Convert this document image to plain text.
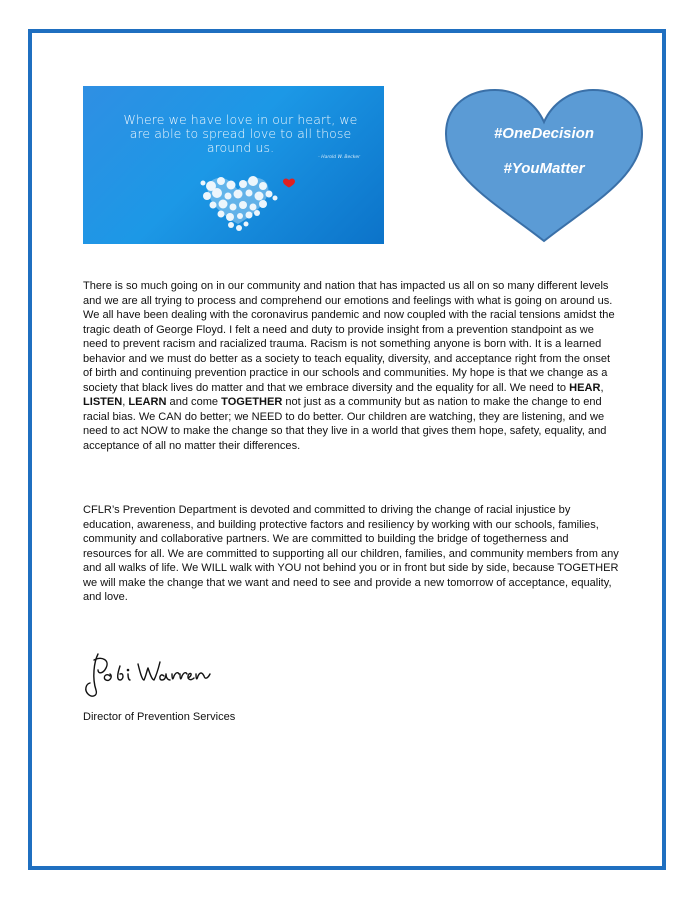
Where we have love in our heart, we are able to spread love to all those around us.
- Harold W. Becker
#OneDecision
#YouMatter
There is so much going on in our community and nation that has impacted us all on so many different levels and we are all trying to process and comprehend our emotions and feelings with what is going on around us. We all have been dealing with the coronavirus pandemic and now coupled with the racial tensions amidst the tragic death of George Floyd. I felt a need and duty to provide insight from a prevention standpoint as we need to prevent racism and racialized trauma. Racism is not something anyone is born with. It is a learned behavior and we must do better as a society to teach equality, diversity, and acceptance right from the onset of birth and continuing prevention practice in our schools and communities. My hope is that we change as a society that black lives do matter and that we embrace diversity and the equality for all. We need to HEAR, LISTEN, LEARN and come TOGETHER not just as a community but as nation to make the change to end racial bias. We CAN do better; we NEED to do better. Our children are watching, they are listening, and we need to act NOW to make the change so that they live in a world that gives them hope, safety, equality, and acceptance of all no matter their differences.
CFLR’s Prevention Department is devoted and committed to driving the change of racial injustice by education, awareness, and building protective factors and resiliency by working with our schools, families, community and collaborative partners. We are committed to building the bridge of togetherness and resources for all. We are committed to supporting all our children, families, and community members from any and all walks of life. We WILL walk with YOU not behind you or in front but side by side, because TOGETHER we will make the change that we want and need to see and provide a new tomorrow of acceptance, equality, and love.
Director of Prevention Services
